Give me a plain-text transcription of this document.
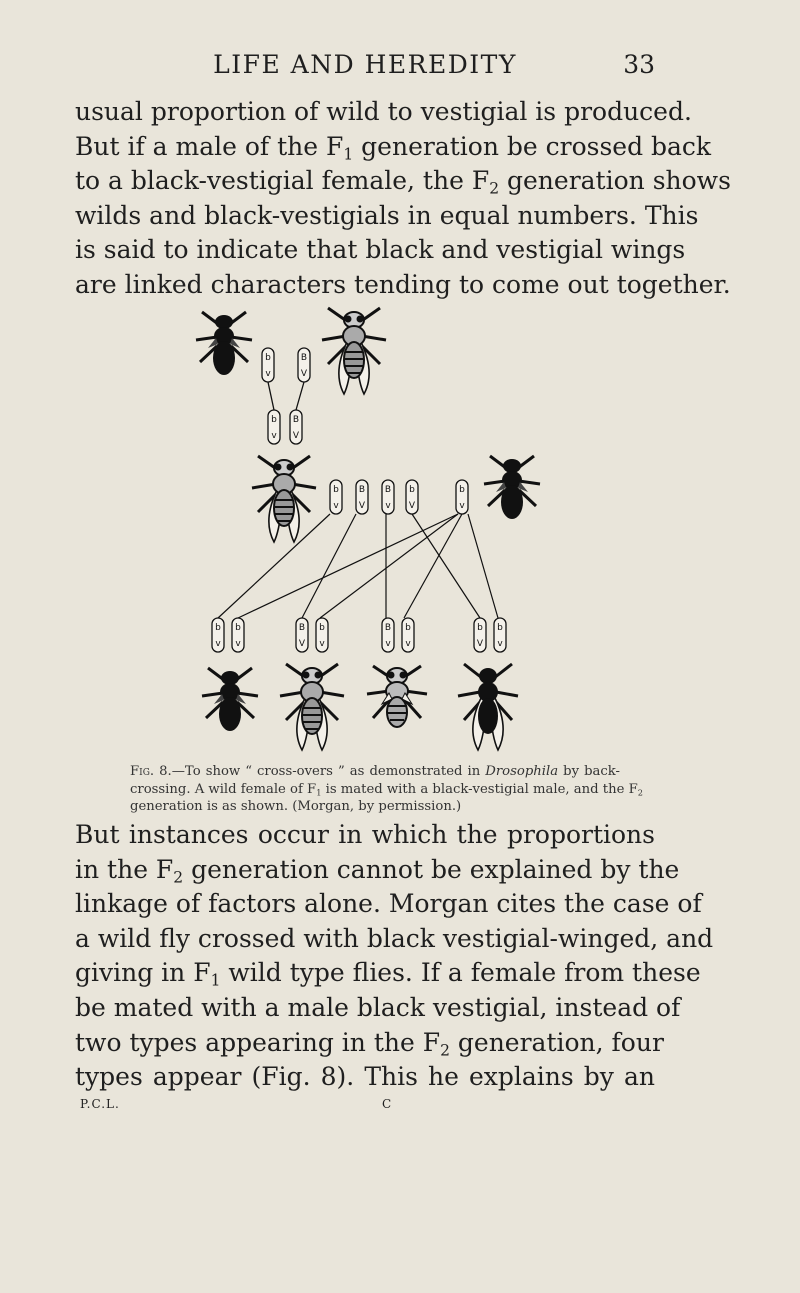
LIFE AND HEREDITY	33
usual proportion of wild to vestigial is produced.
But if a male of the $F_1$ generation be crossed back
to a black-vestigial female, the $F_2$ generation shows
wilds and black-vestigials in equal numbers. This
is said to indicate that black and vestigial wings
are linked characters tending to come out together.
b
v
B
V
b
v
B
V
b
v
B
V
B
v
b
V
b
v
b
v
b
v
B
V
b
v
B
v
b
v
b
V
b
v
Fig. 8.—To show “ cross-overs ” as demonstrated in Drosophila by back-
crossing. A wild female of $F_1$ is mated with a black-vestigial male, and the $F_2$
generation is as shown. (Morgan, by permission.)
But instances occur in which the proportions
in the $F_2$ generation cannot be explained by the
linkage of factors alone. Morgan cites the case of
a wild fly crossed with black vestigial-winged, and
giving in $F_1$ wild type flies. If a female from these
be mated with a male black vestigial, instead of
two types appearing in the $F_2$ generation, four
types appear (Fig. 8). This he explains by an
P.C.L.	C
